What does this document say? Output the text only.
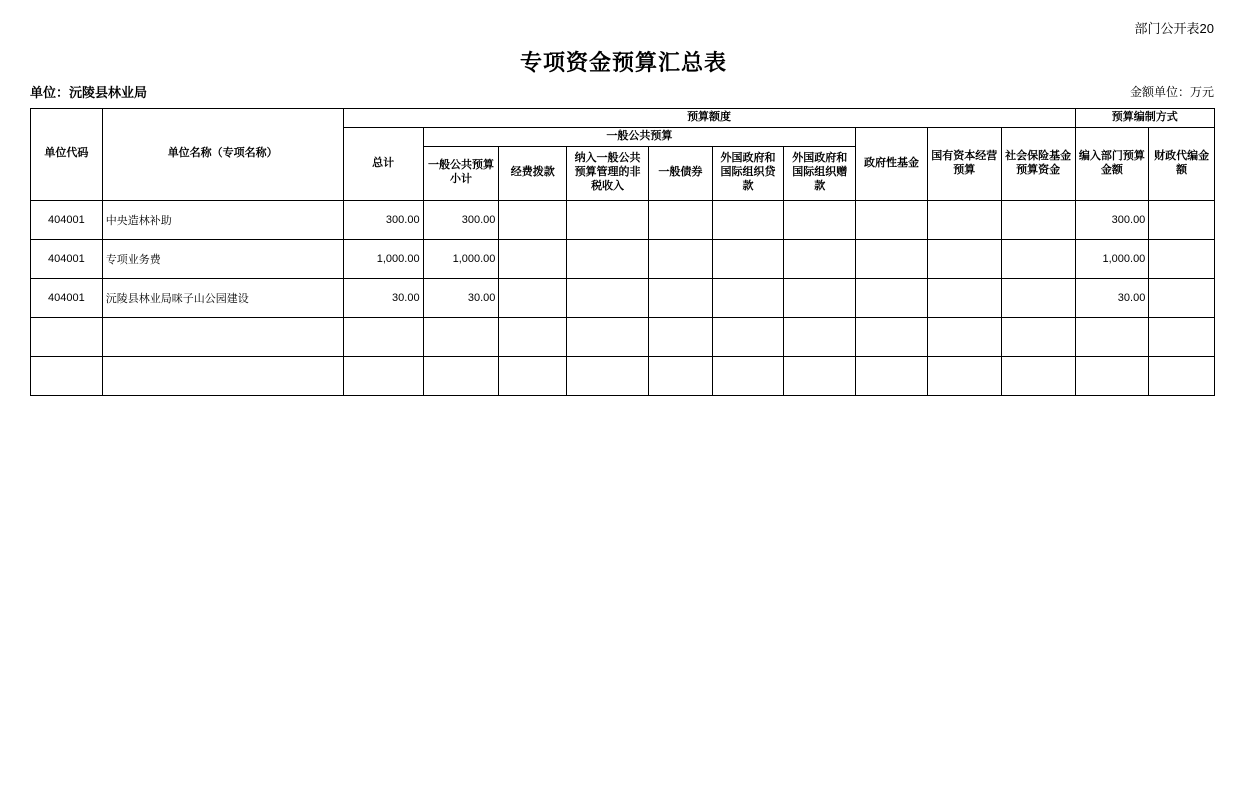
部门公开表20
专项资金预算汇总表
单位：沅陵县林业局	金额单位：万元
单位代码	单位名称（专项名称）	预算额度										预算编制方式	
		总计	一般公共预算						政府性基金	国有资本经营预算	社会保险基金预算资金	编入部门预算金额	财政代编金额
			一般公共预算小计	经费拨款	纳入一般公共预算管理的非税收入	一般债券	外国政府和国际组织贷款	外国政府和国际组织赠款					
404001	中央造林补助	300.00	300.00									300.00	
404001	专项业务费	1,000.00	1,000.00									1,000.00	
404001	沅陵县林业局咪子山公园建设	30.00	30.00									30.00	
